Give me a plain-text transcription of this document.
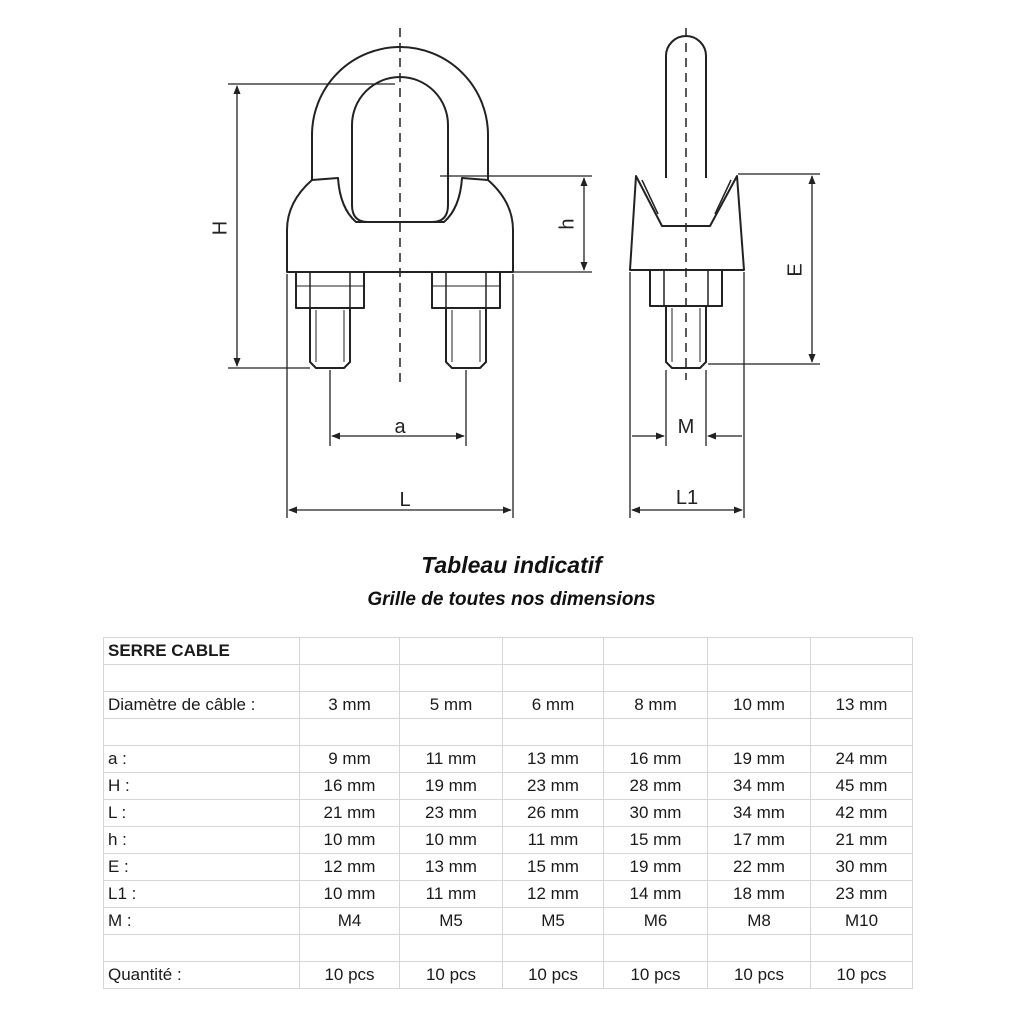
H	h
a
L
E
M
L1
Tableau indicatif
Grille de toutes nos dimensions
SERRE CABLE						

Diamètre de câble :	3 mm	5 mm	6 mm	8 mm	10 mm	13 mm

a :	9 mm	11 mm	13 mm	16 mm	19 mm	24 mm
H :	16 mm	19 mm	23 mm	28 mm	34 mm	45 mm
L :	21 mm	23 mm	26 mm	30 mm	34 mm	42 mm
h :	10 mm	10 mm	11 mm	15 mm	17 mm	21 mm
E :	12 mm	13 mm	15 mm	19 mm	22 mm	30 mm
L1 :	10 mm	11 mm	12 mm	14 mm	18 mm	23 mm
M :	M4	M5	M5	M6	M8	M10

Quantité :	10 pcs	10 pcs	10 pcs	10 pcs	10 pcs	10 pcs
